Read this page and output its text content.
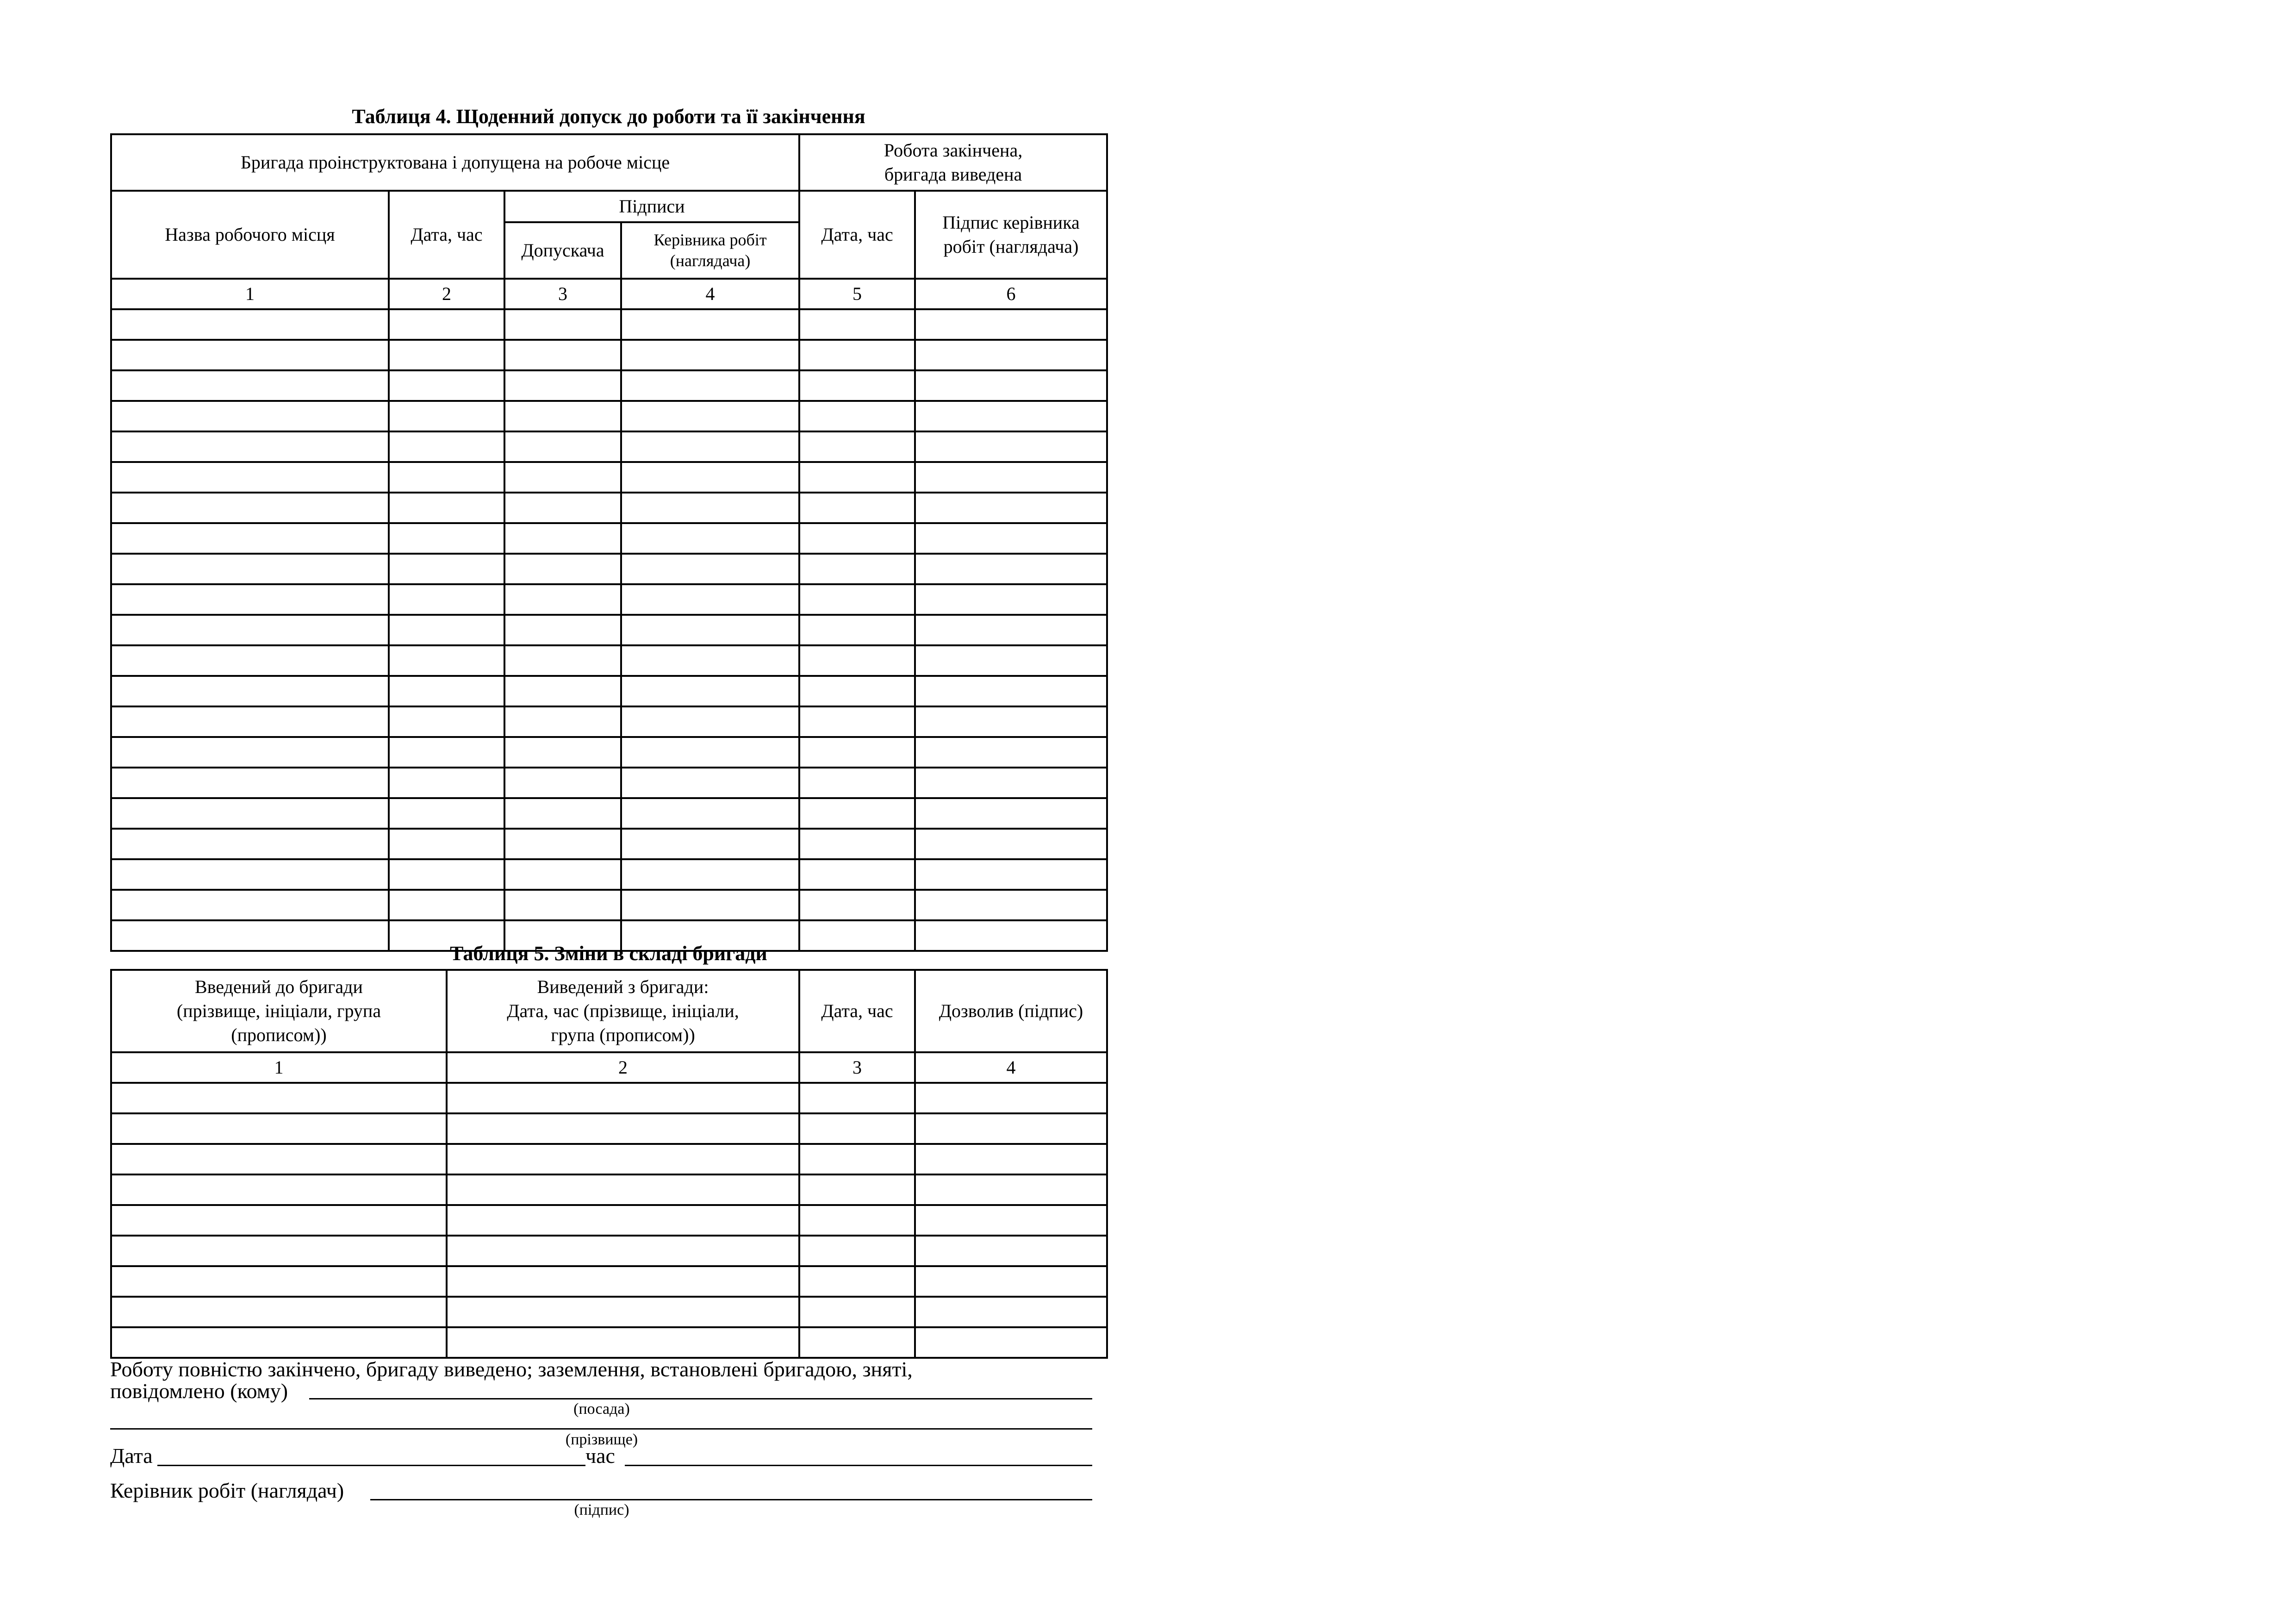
Таблиця 4. Щоденний допуск до роботи та її закінчення
Бригада проінструктована і допущена на робоче місце				Робота закінчена,
бригада виведена	
Назва робочого місця	Дата, час	Підписи		Дата, час	Підпис керівника
робіт (наглядача)
		Допускача	Керівника робіт
(наглядача)		
1	2	3	4	5	6

Таблиця 5. Зміни в складі бригади
Введений до бригади
(прізвище, ініціали, група
(прописом))	Виведений з бригади:
Дата, час (прізвище, ініціали,
група (прописом))	Дата, час	Дозволив (підпис)
1	2	3	4

Роботу повністю закінчено, бригаду виведено; заземлення, встановлені бригадою, зняті,
повідомлено (кому)
(посада)
(прізвище)
Дата	час
Керівник робіт (наглядач)
(підпис)
